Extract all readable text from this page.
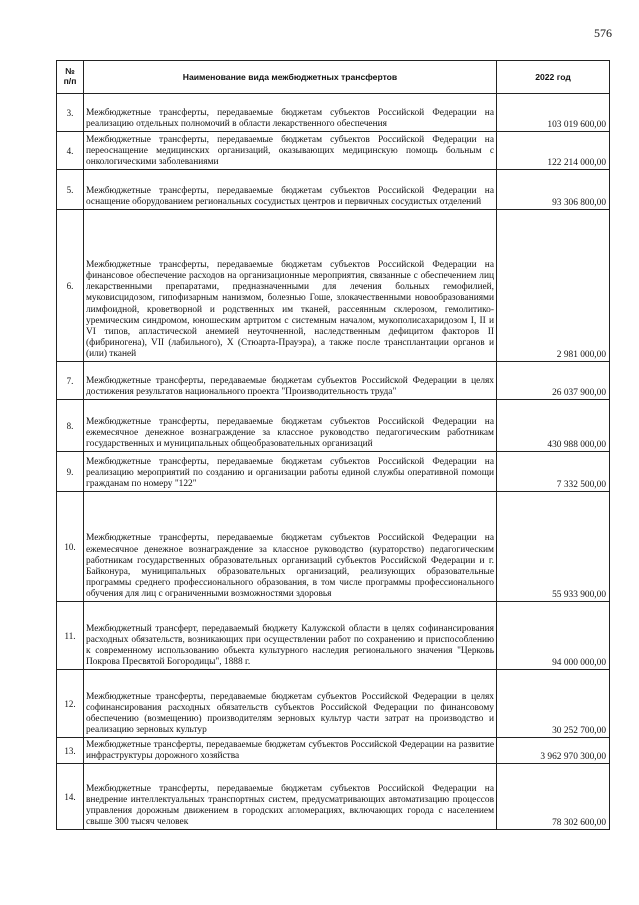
576
№
п/п	Наименование вида межбюджетных трансфертов	2022 год
3.	Межбюджетные трансферты, передаваемые бюджетам субъектов Российской Федерации на реализацию отдельных полномочий в области лекарственного обеспечения	103 019 600,00
4.	Межбюджетные трансферты, передаваемые бюджетам субъектов Российской Федерации на переоснащение медицинских организаций, оказывающих медицинскую помощь больным с онкологическими заболеваниями	122 214 000,00
5.	Межбюджетные трансферты, передаваемые бюджетам субъектов Российской Федерации на оснащение оборудованием региональных сосудистых центров и первичных сосудистых отделений	93 306 800,00
6.	Межбюджетные трансферты, передаваемые бюджетам субъектов Российской Федерации на финансовое обеспечение расходов на организационные мероприятия, связанные с обеспечением лиц лекарственными препаратами, предназначенными для лечения больных гемофилией, муковисцидозом, гипофизарным нанизмом, болезнью Гоше, злокачественными новообразованиями лимфоидной, кроветворной и родственных им тканей, рассеянным склерозом, гемолитико-уремическим синдромом, юношеским артритом с системным началом, мукополисахаридозом I, II и VI типов, апластической анемией неуточненной, наследственным дефицитом факторов II (фибриногена), VII (лабильного), X (Стюарта-Прауэра), а также после трансплантации органов и (или) тканей	2 981 000,00
7.	Межбюджетные трансферты, передаваемые бюджетам субъектов Российской Федерации в целях достижения результатов национального проекта "Производительность труда"	26 037 900,00
8.	Межбюджетные трансферты, передаваемые бюджетам субъектов Российской Федерации на ежемесячное денежное вознаграждение за классное руководство педагогическим работникам государственных и муниципальных общеобразовательных организаций	430 988 000,00
9.	Межбюджетные трансферты, передаваемые бюджетам субъектов Российской Федерации на реализацию мероприятий по созданию и организации работы единой службы оперативной помощи гражданам по номеру "122"	7 332 500,00
10.	Межбюджетные трансферты, передаваемые бюджетам субъектов Российской Федерации на ежемесячное денежное вознаграждение за классное руководство (кураторство) педагогическим работникам государственных образовательных организаций субъектов Российской Федерации и г. Байконура, муниципальных образовательных организаций, реализующих образовательные программы среднего профессионального образования, в том числе программы профессионального обучения для лиц с ограниченными возможностями здоровья	55 933 900,00
11.	Межбюджетный трансферт, передаваемый бюджету Калужской области в целях софинансирования расходных обязательств, возникающих при осуществлении работ по сохранению и приспособлению к современному использованию объекта культурного наследия регионального значения "Церковь Покрова Пресвятой Богородицы", 1888 г.	94 000 000,00
12.	Межбюджетные трансферты, передаваемые бюджетам субъектов Российской Федерации в целях софинансирования расходных обязательств субъектов Российской Федерации по финансовому обеспечению (возмещению) производителям зерновых культур части затрат на производство и реализацию зерновых культур	30 252 700,00
13.	Межбюджетные трансферты, передаваемые бюджетам субъектов Российской Федерации на развитие инфраструктуры дорожного хозяйства	3 962 970 300,00
14.	Межбюджетные трансферты, передаваемые бюджетам субъектов Российской Федерации на внедрение интеллектуальных транспортных систем, предусматривающих автоматизацию процессов управления дорожным движением в городских агломерациях, включающих города с населением свыше 300 тысяч человек	78 302 600,00
